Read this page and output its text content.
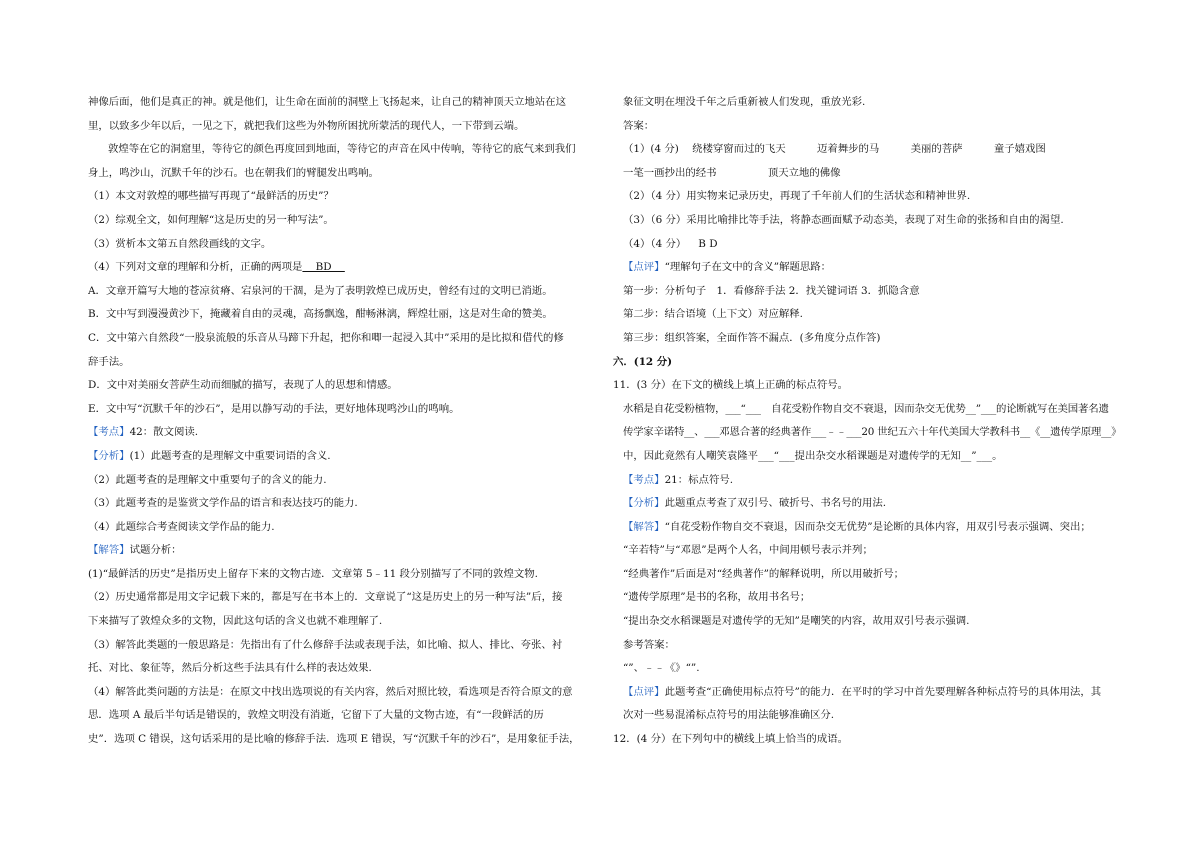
神像后面，他们是真正的神。就是他们，让生命在面前的洞壁上飞扬起来，让自己的精神顶天立地站在这
里，以致多少年以后，一见之下，就把我们这些为外物所困扰所蒙活的现代人，一下带到云端。
敦煌等在它的洞窟里，等待它的颜色再度回到地面，等待它的声音在风中传响，等待它的底气来到我们
身上，鸣沙山，沉默千年的沙石。也在朝我们的臂腿发出鸣响。
（1）本文对敦煌的哪些描写再现了“最鲜活的历史”？
（2）综观全文，如何理解“这是历史的另一种写法”。
（3）赏析本文第五自然段画线的文字。
（4）下列对文章的理解和分析，正确的两项是    BD
A．文章开篇写大地的苍凉贫瘠、宕泉河的干涸，是为了表明敦煌已成历史，曾经有过的文明已消逝。
B．文中写到漫漫黄沙下，掩藏着自由的灵魂，高扬飘逸，酣畅淋漓，辉煌壮丽，这是对生命的赞美。
C．文中第六自然段“一股泉流般的乐音从马蹄下升起，把你和唧一起浸入其中”采用的是比拟和借代的修
辞手法。
D．文中对美丽女菩萨生动而细腻的描写，表现了人的思想和情感。
E．文中写“沉默千年的沙石”，是用以静写动的手法，更好地体现鸣沙山的鸣响。
【考点】42：散文阅读.
【分析】(1）此题考查的是理解文中重要词语的含义.
（2）此题考查的是理解文中重要句子的含义的能力.
（3）此题考查的是鉴赏文学作品的语言和表达技巧的能力.
（4）此题综合考查阅读文学作品的能力.
【解答】试题分析：
(1)“最鲜活的历史”是指历史上留存下来的文物古迹．文章第 5﹣11 段分别描写了不同的敦煌文物.
（2）历史通常都是用文字记载下来的，都是写在书本上的．文章说了“这是历史上的另一种写法”后，接
下来描写了敦煌众多的文物，因此这句话的含义也就不难理解了.
（3）解答此类题的一般思路是：先指出有了什么修辞手法或表现手法，如比喻、拟人、排比、夸张、衬
托、对比、象征等，然后分析这些手法具有什么样的表达效果.
（4）解答此类问题的方法是：在原文中找出选项说的有关内容，然后对照比较，看选项是否符合原文的意
思．选项 A 最后半句话是错误的，敦煌文明没有消逝，它留下了大量的文物古迹，有“一段鲜活的历
史”．选项 C 错误，这句话采用的是比喻的修辞手法．选项 E 错误，写“沉默千年的沙石”，是用象征手法，
象征文明在埋没千年之后重新被人们发现，重放光彩.
答案：
（1）(4 分) 绕楼穿窗而过的飞天	迈着舞步的马	美丽的菩萨	童子嬉戏图
一笔一画抄出的经书	顶天立地的佛像
（2）（4 分）用实物来记录历史，再现了千年前人们的生活状态和精神世界.
（3）（6 分）采用比喻排比等手法，将静态画面赋予动态美，表现了对生命的张扬和自由的渴望.
（4）（4 分） B D
【点评】“理解句子在文中的含义”解题思路：
第一步：分析句子　1．看修辞手法 2．找关键词语 3．抓隐含意
第二步：结合语境（上下文）对应解释.
第三步：组织答案，全面作答不漏点．(多角度分点作答)
六．(12 分)
11．(3 分）在下文的横线上填上正确的标点符号。
水稻是自花受粉植物，___“___　自花受粉作物自交不衰退，因而杂交无优势__”___的论断就写在美国著名遗
传学家辛诺特__、___邓恩合著的经典著作___﹣﹣___20 世纪五六十年代美国大学教科书__《__遗传学原理__》
中，因此竟然有人嘲笑袁隆平___“___提出杂交水稻课题是对遗传学的无知__”___。
【考点】21：标点符号.
【分析】此题重点考查了双引号、破折号、书名号的用法.
【解答】“自花受粉作物自交不衰退，因而杂交无优势”是论断的具体内容，用双引号表示强调、突出；
“辛若特”与“邓恩”是两个人名，中间用顿号表示并列；
“经典著作”后面是对“经典著作”的解释说明，所以用破折号；
“遗传学原理”是书的名称，故用书名号；
“提出杂交水稻课题是对遗传学的无知”是嘲笑的内容，故用双引号表示强调.
参考答案：
“”、﹣﹣《》“”.
【点评】此题考查“正确使用标点符号”的能力．在平时的学习中首先要理解各种标点符号的具体用法，其
次对一些易混淆标点符号的用法能够准确区分.
12．(4 分）在下列句中的横线上填上恰当的成语。
